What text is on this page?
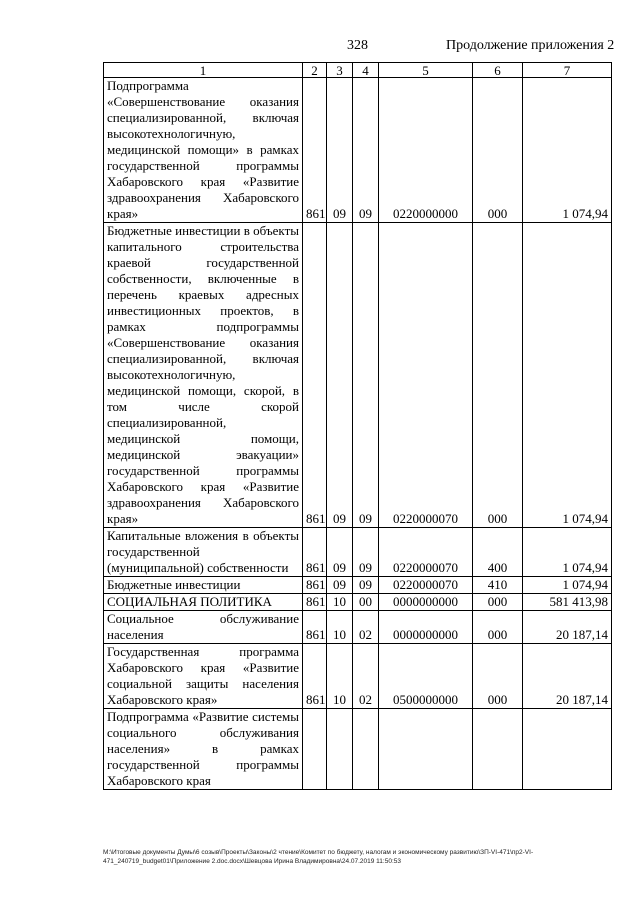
328	Продолжение приложения 2
1	2	3	4	5	6	7

Подпрограмма
«Совершенствование оказания специализированной, включая высокотехнологичную, медицинской помощи» в рамках государственной программы Хабаровского края «Развитие здравоохранения Хабаровского края»	861	09	09	0220000000	000	1 074,94

Бюджетные инвестиции в объекты капитального строительства краевой государственной собственности, включенные в перечень краевых адресных инвестиционных проектов, в рамках подпрограммы «Совершенствование оказания специализированной, включая высокотехнологичную, медицинской помощи, скорой, в том числе скорой специализированной, медицинской помощи, медицинской эвакуации» государственной программы Хабаровского края «Развитие здравоохранения Хабаровского края»	861	09	09	0220000070	000	1 074,94

Капитальные вложения в объекты государственной (муниципальной) собственности	861	09	09	0220000070	400	1 074,94

Бюджетные инвестиции	861	09	09	0220000070	410	1 074,94

СОЦИАЛЬНАЯ ПОЛИТИКА	861	10	00	0000000000	000	581 413,98

Социальное обслуживание населения	861	10	02	0000000000	000	20 187,14

Государственная программа Хабаровского края «Развитие социальной защиты населения Хабаровского края»	861	10	02	0500000000	000	20 187,14

Подпрограмма «Развитие системы социального обслуживания населения» в рамках государственной программы Хабаровского края						

M:\Итоговые документы Думы\6 созыв\Проекты\Законы\2 чтение\Комитет по бюджету, налогам и экономическому развитию\ЗП-VI-471\пр2-VI-471_240719_budget01\Приложение 2.doc.docx\Шевцова Ирина Владимировна\24.07.2019 11:50:53
